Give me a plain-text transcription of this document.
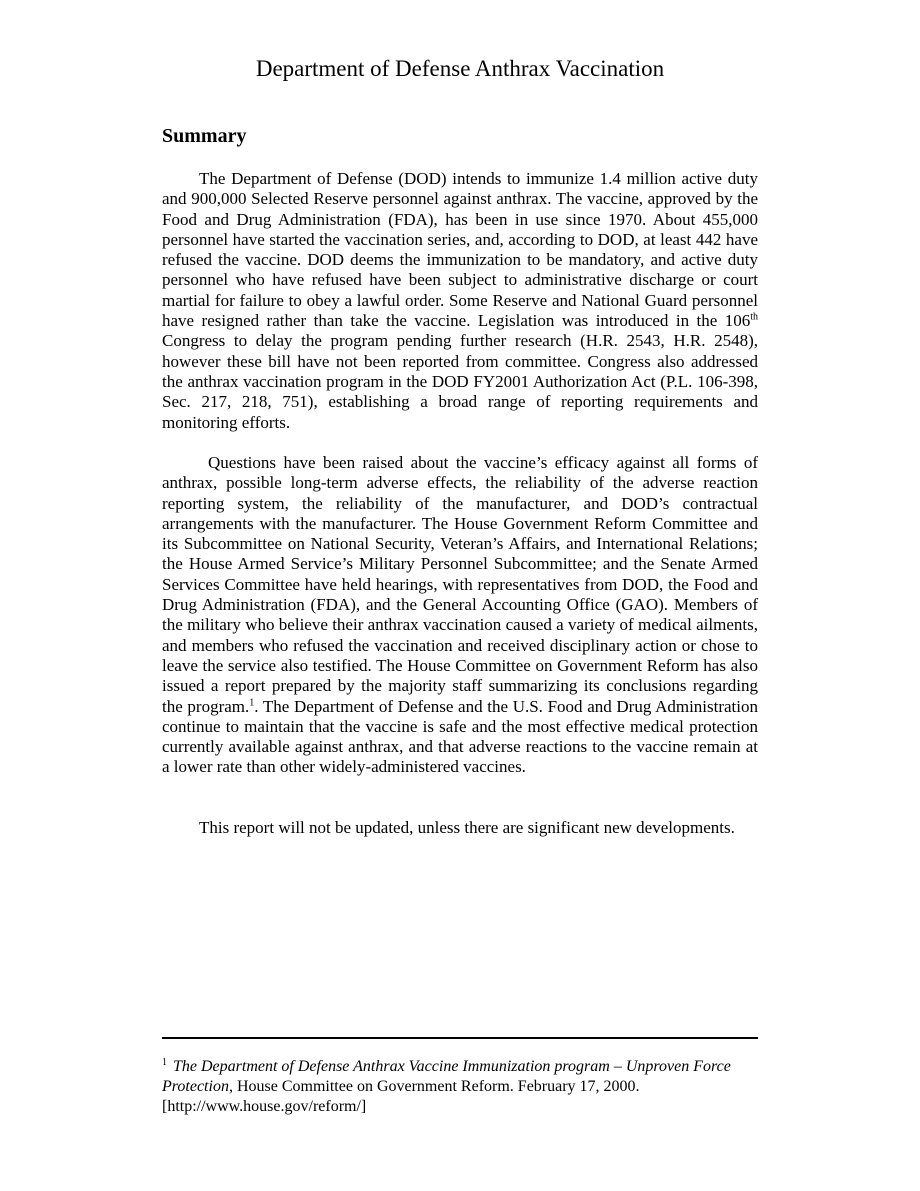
Department of Defense Anthrax Vaccination
Summary

The Department of Defense (DOD) intends to immunize 1.4 million active duty and 900,000 Selected Reserve personnel against anthrax. The vaccine, approved by the Food and Drug Administration (FDA), has been in use since 1970. About 455,000 personnel have started the vaccination series, and, according to DOD, at least 442 have refused the vaccine. DOD deems the immunization to be mandatory, and active duty personnel who have refused have been subject to administrative discharge or court martial for failure to obey a lawful order. Some Reserve and National Guard personnel have resigned rather than take the vaccine. Legislation was introduced in the 106th Congress to delay the program pending further research (H.R. 2543, H.R. 2548), however these bill have not been reported from committee. Congress also addressed the anthrax vaccination program in the DOD FY2001 Authorization Act (P.L. 106-398, Sec. 217, 218, 751), establishing a broad range of reporting requirements and monitoring efforts.

Questions have been raised about the vaccine’s efficacy against all forms of anthrax, possible long-term adverse effects, the reliability of the adverse reaction reporting system, the reliability of the manufacturer, and DOD’s contractual arrangements with the manufacturer. The House Government Reform Committee and its Subcommittee on National Security, Veteran’s Affairs, and International Relations; the House Armed Service’s Military Personnel Subcommittee; and the Senate Armed Services Committee have held hearings, with representatives from DOD, the Food and Drug Administration (FDA), and the General Accounting Office (GAO). Members of the military who believe their anthrax vaccination caused a variety of medical ailments, and members who refused the vaccination and received disciplinary action or chose to leave the service also testified. The House Committee on Government Reform has also issued a report prepared by the majority staff summarizing its conclusions regarding the program.$^1$. The Department of Defense and the U.S. Food and Drug Administration continue to maintain that the vaccine is safe and the most effective medical protection currently available against anthrax, and that adverse reactions to the vaccine remain at a lower rate than other widely-administered vaccines.

This report will not be updated, unless there are significant new developments.

$^1$ The Department of Defense Anthrax Vaccine Immunization program – Unproven Force Protection, House Committee on Government Reform. February 17, 2000.

[http://www.house.gov/reform/]
